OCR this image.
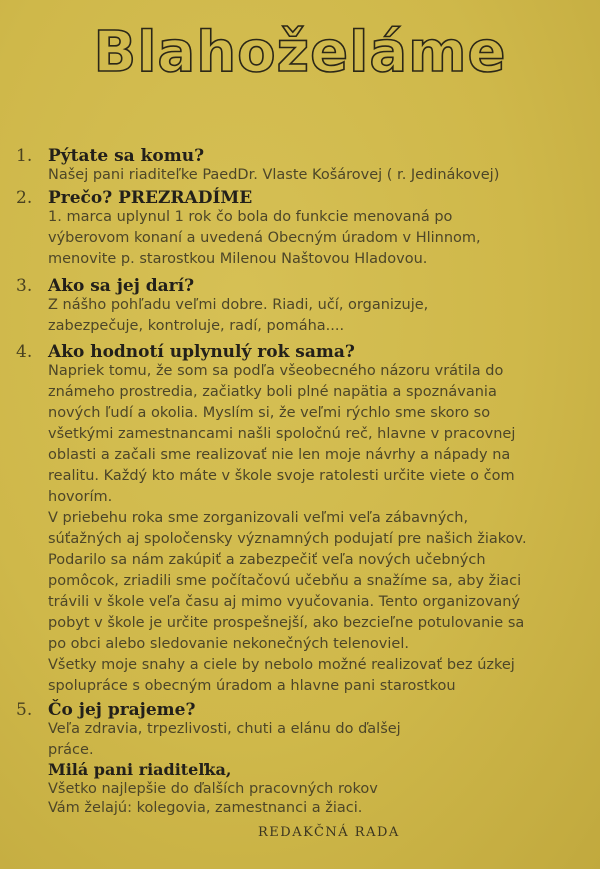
Blahoželáme
1. Pýtate sa komu?
Našej pani riaditeľke PaedDr. Vlaste Košárovej ( r. Jedinákovej)
2. Prečo? PREZRADÍME
1. marca uplynul 1 rok čo bola do funkcie menovaná po
výberovom konaní a uvedená Obecným úradom v Hlinnom,
menovite p. starostkou Milenou Naštovou Hladovou.
3. Ako sa jej darí?
Z nášho pohľadu veľmi dobre. Riadi, učí, organizuje,
zabezpečuje, kontroluje, radí, pomáha....
4. Ako hodnotí uplynulý rok sama?
Napriek tomu, že som sa podľa všeobecného názoru vrátila do
známeho prostredia, začiatky boli plné napätia a spoznávania
nových ľudí a okolia. Myslím si, že veľmi rýchlo sme skoro so
všetkými zamestnancami našli spoločnú reč, hlavne v pracovnej
oblasti a začali sme realizovať nie len moje návrhy a nápady na
realitu. Každý kto máte v škole svoje ratolesti určite viete o čom
hovorím.
V priebehu roka sme zorganizovali veľmi veľa zábavných,
súťažných aj spoločensky významných podujatí pre našich žiakov.
Podarilo sa nám zakúpiť a zabezpečiť veľa nových učebných
pomôcok, zriadili sme počítačovú učebňu a snažíme sa, aby žiaci
trávili v škole veľa času aj mimo vyučovania. Tento organizovaný
pobyt v škole je určite prospešnejší, ako bezcieľne potulovanie sa
po obci alebo sledovanie nekonečných telenoviel.
Všetky moje snahy a ciele by nebolo možné realizovať bez úzkej
spolupráce s obecným úradom a hlavne pani starostkou
5. Čo jej prajeme?
Veľa zdravia, trpezlivosti, chuti a elánu do ďalšej
práce.
Milá pani riaditeľka,
Všetko najlepšie do ďalších pracovných rokov
Vám želajú: kolegovia, zamestnanci a žiaci.
REDAKČNÁ RADA
